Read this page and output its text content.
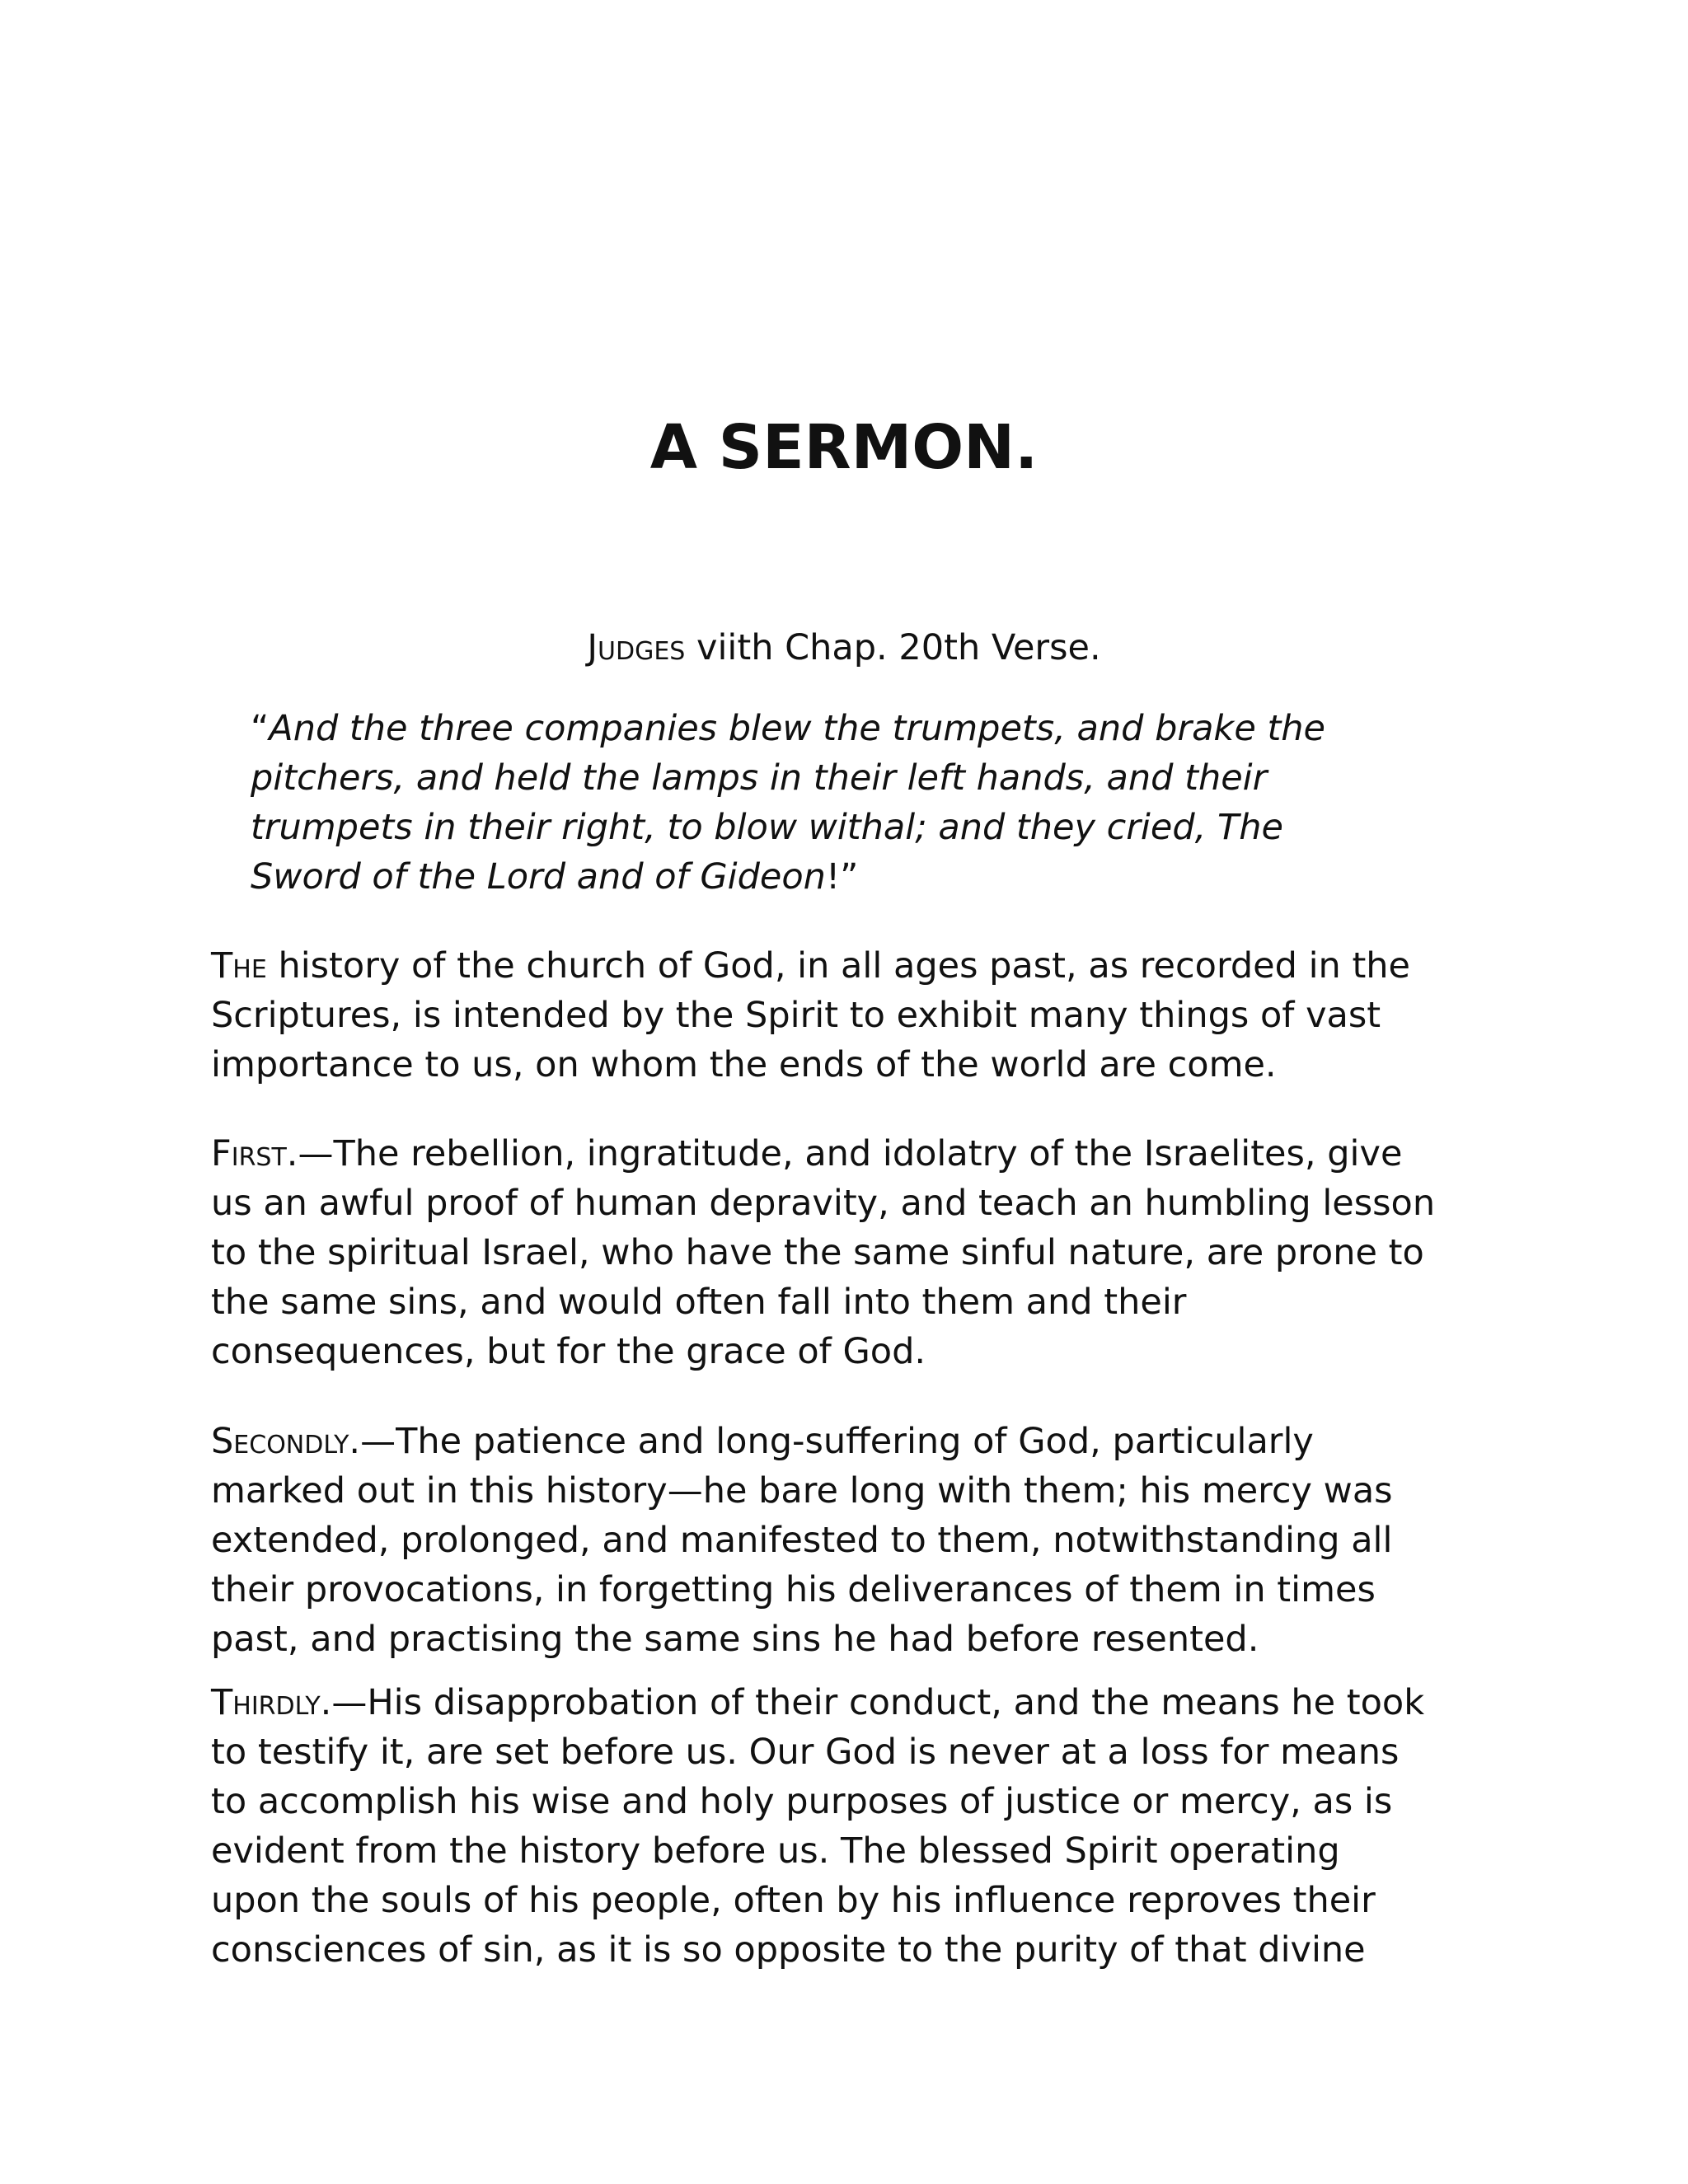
A SERMON.

Judges viith Chap. 20th Verse.

“And the three companies blew the trumpets, and brake the
pitchers, and held the lamps in their left hands, and their
trumpets in their right, to blow withal; and they cried, The
Sword of the Lord and of Gideon!”

The history of the church of God, in all ages past, as recorded in the
Scriptures, is intended by the Spirit to exhibit many things of vast
importance to us, on whom the ends of the world are come.

First.—The rebellion, ingratitude, and idolatry of the Israelites, give
us an awful proof of human depravity, and teach an humbling lesson
to the spiritual Israel, who have the same sinful nature, are prone to
the same sins, and would often fall into them and their
consequences, but for the grace of God.

Secondly.—The patience and long-suffering of God, particularly
marked out in this history—he bare long with them; his mercy was
extended, prolonged, and manifested to them, notwithstanding all
their provocations, in forgetting his deliverances of them in times
past, and practising the same sins he had before resented.

Thirdly.—His disapprobation of their conduct, and the means he took
to testify it, are set before us. Our God is never at a loss for means
to accomplish his wise and holy purposes of justice or mercy, as is
evident from the history before us. The blessed Spirit operating
upon the souls of his people, often by his influence reproves their
consciences of sin, as it is so opposite to the purity of that divine
